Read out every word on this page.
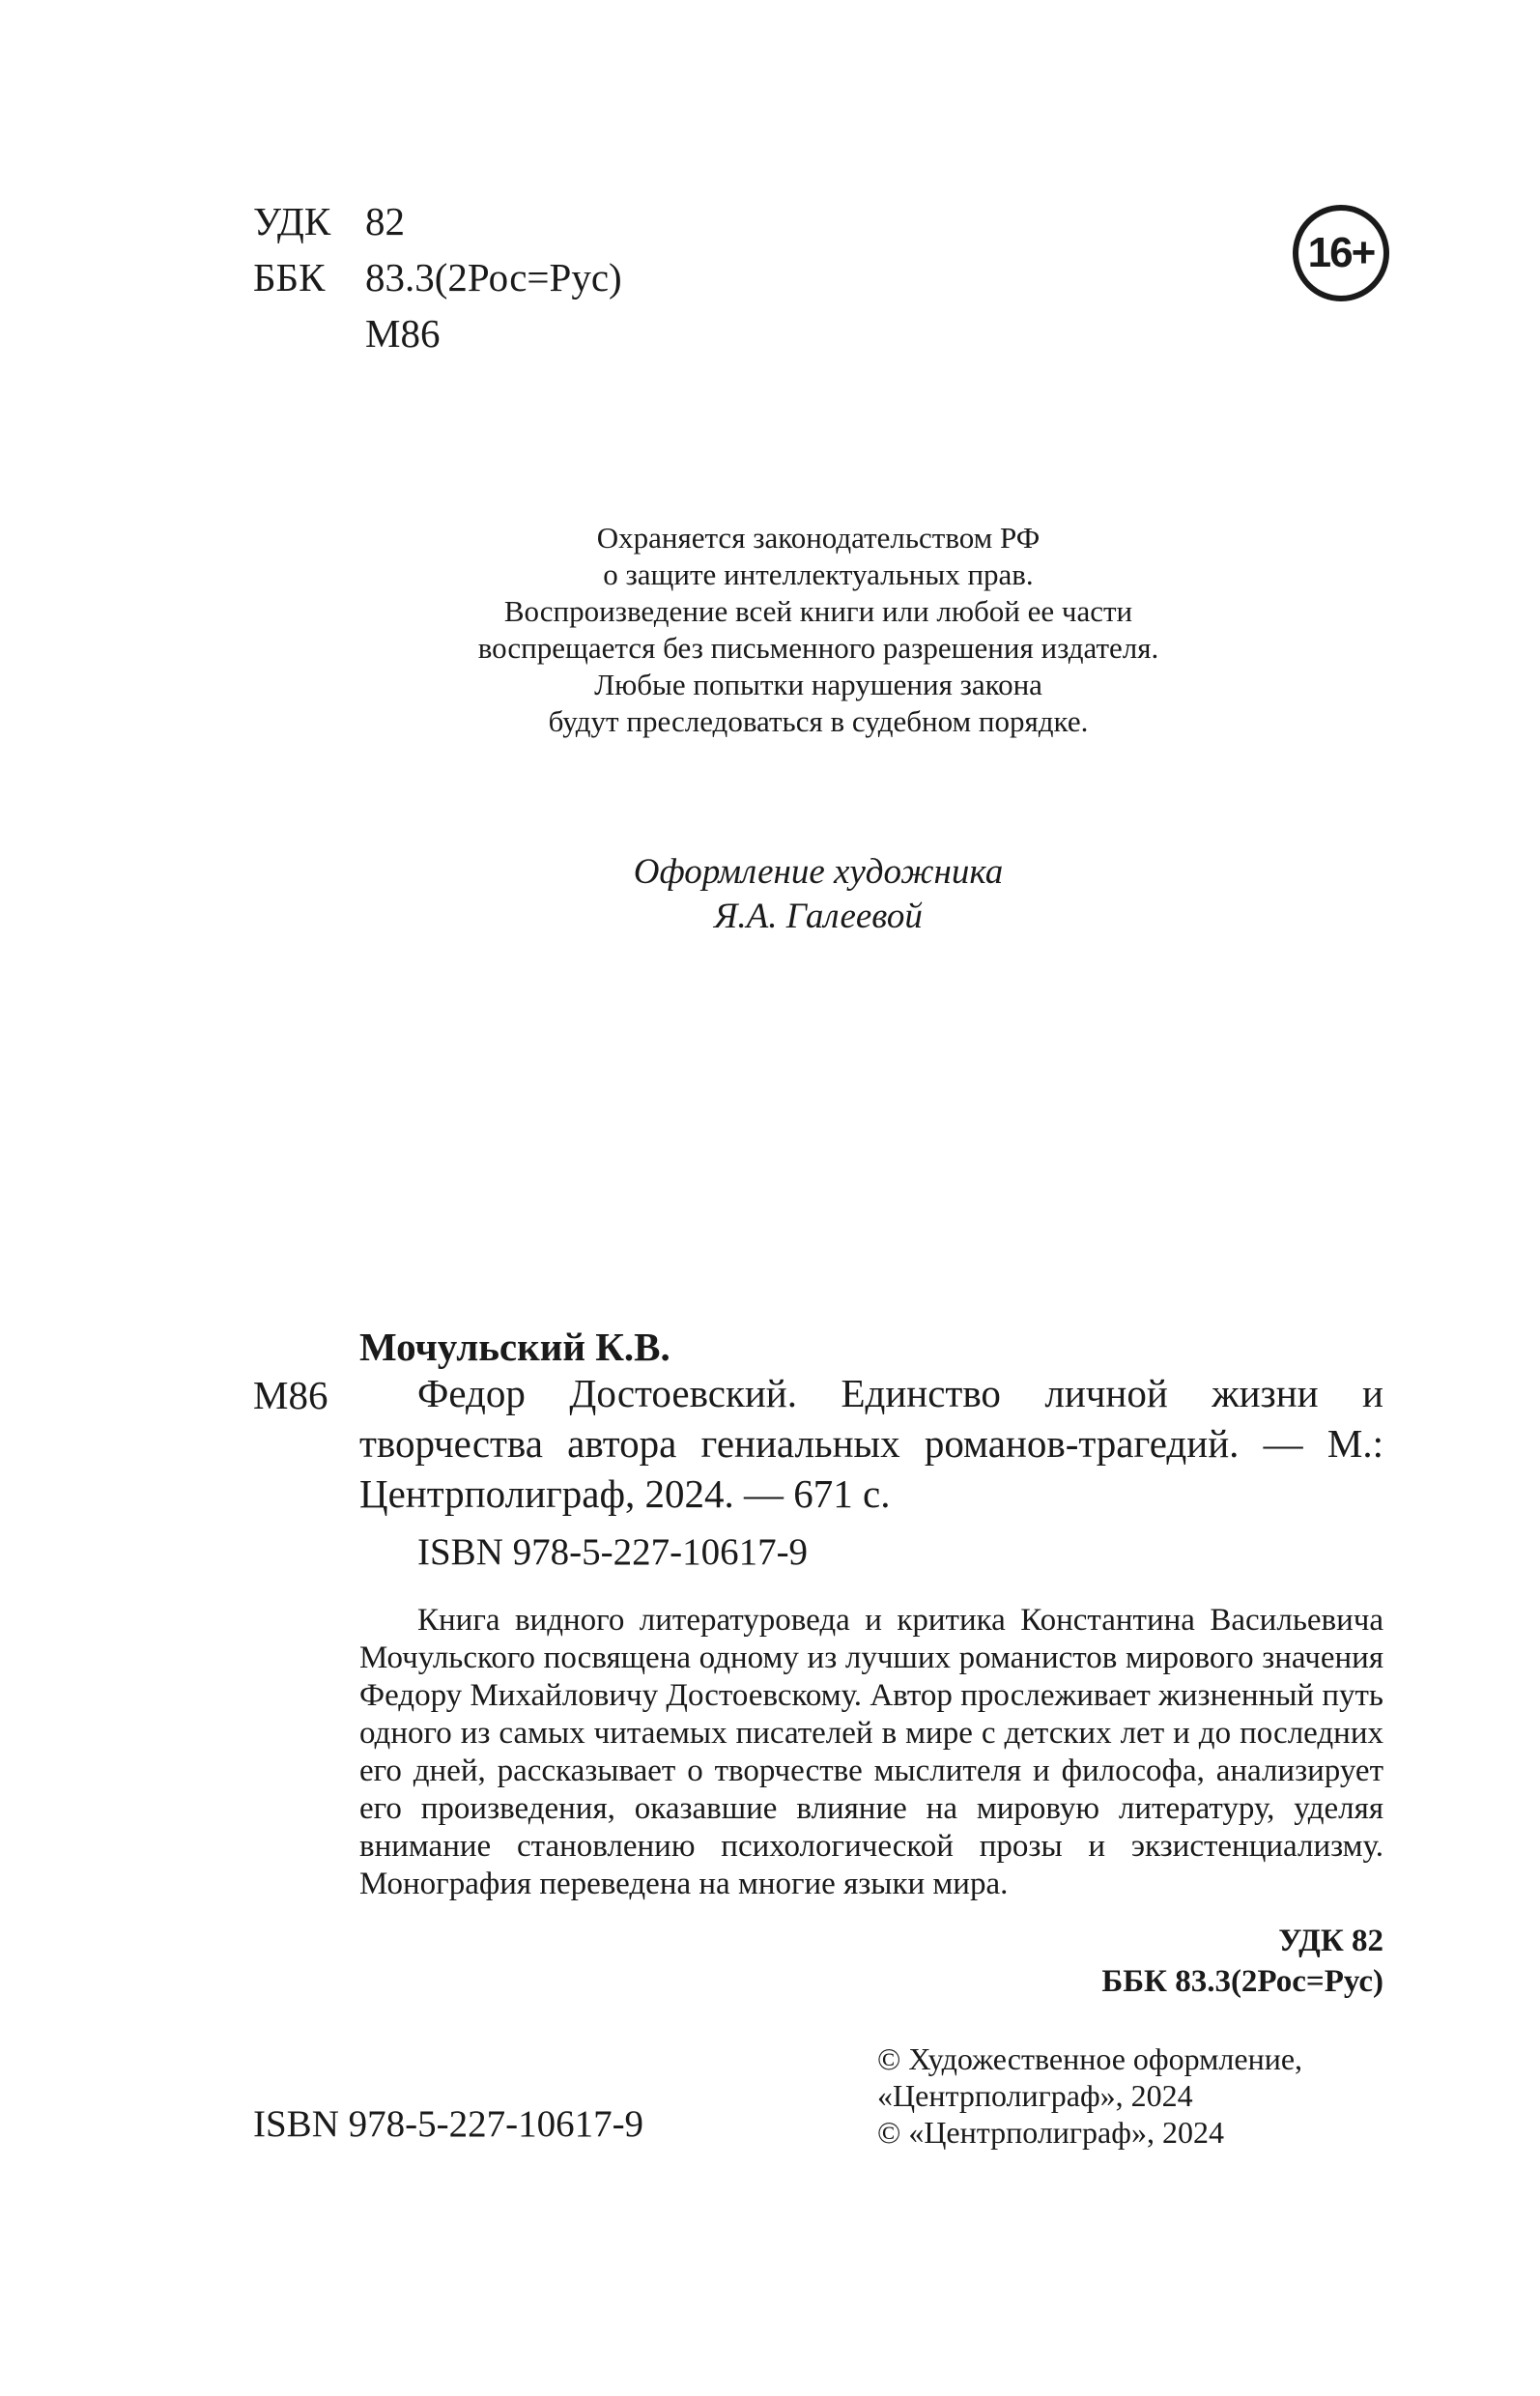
УДК 82
ББК 83.3(2Рос=Рус)
М86
16+
Охраняется законодательством РФ
о защите интеллектуальных прав.
Воспроизведение всей книги или любой ее части
воспрещается без письменного разрешения издателя.
Любые попытки нарушения закона
будут преследоваться в судебном порядке.
Оформление художника
Я.А. Галеевой
Мочульский К.В.
М86	Федор Достоевский. Единство личной жизни и творчества автора гениальных романов-трагедий. — М.: Центрполиграф, 2024. — 671 с.
ISBN 978-5-227-10617-9
Книга видного литературоведа и критика Константина Васильевича Мочульского посвящена одному из лучших романистов мирового значения Федору Михайловичу Достоевскому. Автор прослеживает жизненный путь одного из самых читаемых писателей в мире с детских лет и до последних его дней, рассказывает о творчестве мыслителя и философа, анализирует его произведения, оказавшие влияние на мировую литературу, уделяя внимание становлению психологической прозы и экзистенциализму. Монография переведена на многие языки мира.
УДК 82
ББК 83.3(2Рос=Рус)
ISBN 978-5-227-10617-9
© Художественное оформление,
«Центрполиграф», 2024
© «Центрполиграф», 2024
